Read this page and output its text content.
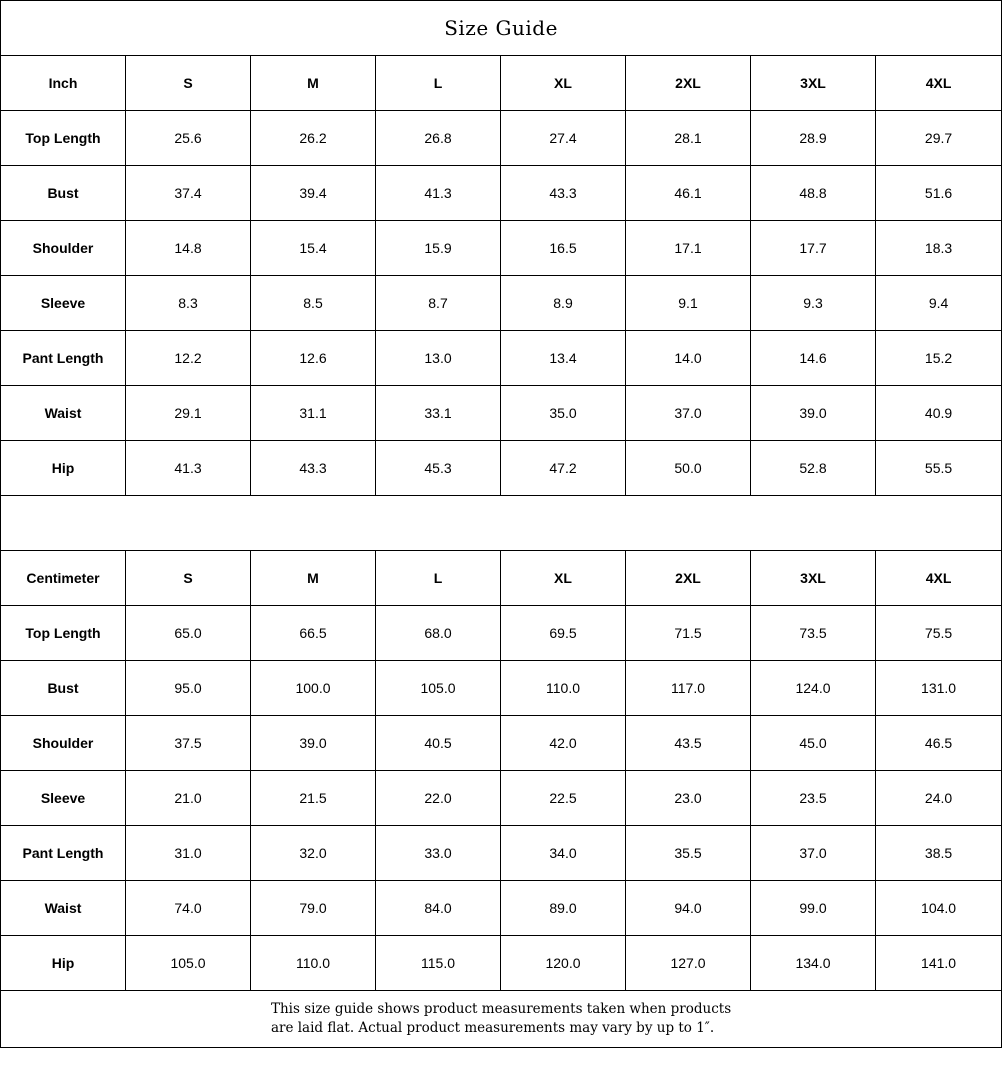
Size Guide							
Inch	S	M	L	XL	2XL	3XL	4XL
Top Length	25.6	26.2	26.8	27.4	28.1	28.9	29.7
Bust	37.4	39.4	41.3	43.3	46.1	48.8	51.6
Shoulder	14.8	15.4	15.9	16.5	17.1	17.7	18.3
Sleeve	8.3	8.5	8.7	8.9	9.1	9.3	9.4
Pant Length	12.2	12.6	13.0	13.4	14.0	14.6	15.2
Waist	29.1	31.1	33.1	35.0	37.0	39.0	40.9
Hip	41.3	43.3	45.3	47.2	50.0	52.8	55.5

Centimeter	S	M	L	XL	2XL	3XL	4XL
Top Length	65.0	66.5	68.0	69.5	71.5	73.5	75.5
Bust	95.0	100.0	105.0	110.0	117.0	124.0	131.0
Shoulder	37.5	39.0	40.5	42.0	43.5	45.0	46.5
Sleeve	21.0	21.5	22.0	22.5	23.0	23.5	24.0
Pant Length	31.0	32.0	33.0	34.0	35.5	37.0	38.5
Waist	74.0	79.0	84.0	89.0	94.0	99.0	104.0
Hip	105.0	110.0	115.0	120.0	127.0	134.0	141.0

This size guide shows product measurements taken when products
are laid flat. Actual product measurements may vary by up to 1″.							
